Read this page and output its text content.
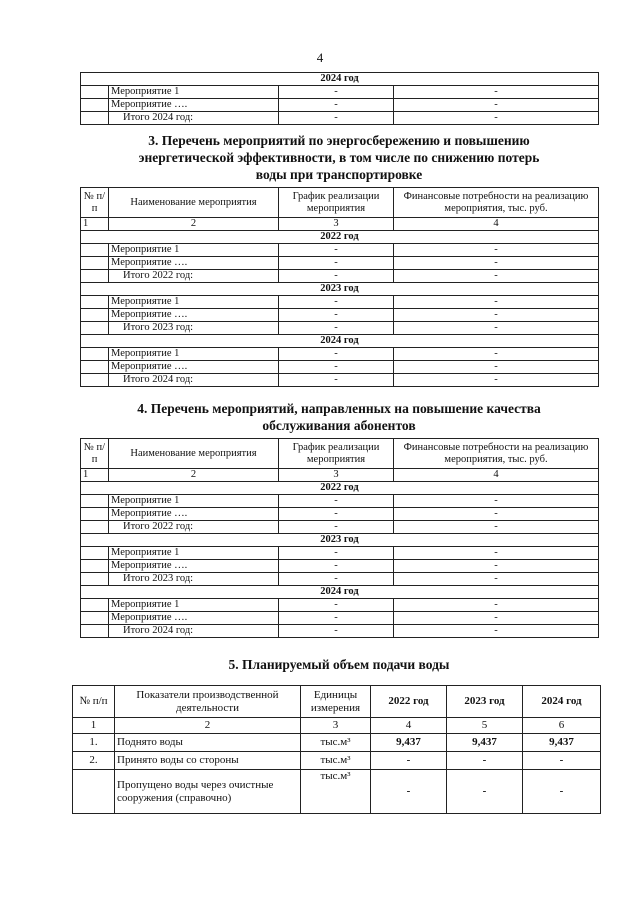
4
2024 год			
	Мероприятие 1	-	-
	Мероприятие ….	-	-
	Итого 2024 год:	-	-
3. Перечень мероприятий по энергосбережению и повышению
энергетической эффективности, в том числе по снижению потерь
воды при транспортировке
№ п/п	Наименование мероприятия	График реализации мероприятия	Финансовые потребности на реализацию мероприятия, тыс. руб.
1	2	3	4
2022 год			
	Мероприятие 1	-	-
	Мероприятие ….	-	-
	Итого 2022 год:	-	-
2023 год			
	Мероприятие 1	-	-
	Мероприятие ….	-	-
	Итого 2023 год:	-	-
2024 год			
	Мероприятие 1	-	-
	Мероприятие ….	-	-
	Итого 2024 год:	-	-
4. Перечень мероприятий, направленных на повышение качества
обслуживания абонентов
№ п/п	Наименование мероприятия	График реализации мероприятия	Финансовые потребности на реализацию мероприятия, тыс. руб.
1	2	3	4
2022 год			
	Мероприятие 1	-	-
	Мероприятие ….	-	-
	Итого 2022 год:	-	-
2023 год			
	Мероприятие 1	-	-
	Мероприятие ….	-	-
	Итого 2023 год:	-	-
2024 год			
	Мероприятие 1	-	-
	Мероприятие ….	-	-
	Итого 2024 год:	-	-
5. Планируемый объем подачи воды
№ п/п	Показатели производственной деятельности	Единицы измерения	2022 год	2023 год	2024 год
1	2	3	4	5	6
1.	Поднято воды	тыс.м³	9,437	9,437	9,437
2.	Принято воды со стороны	тыс.м³	-	-	-
	Пропущено воды через очистные сооружения (справочно)	тыс.м³	-	-	-
